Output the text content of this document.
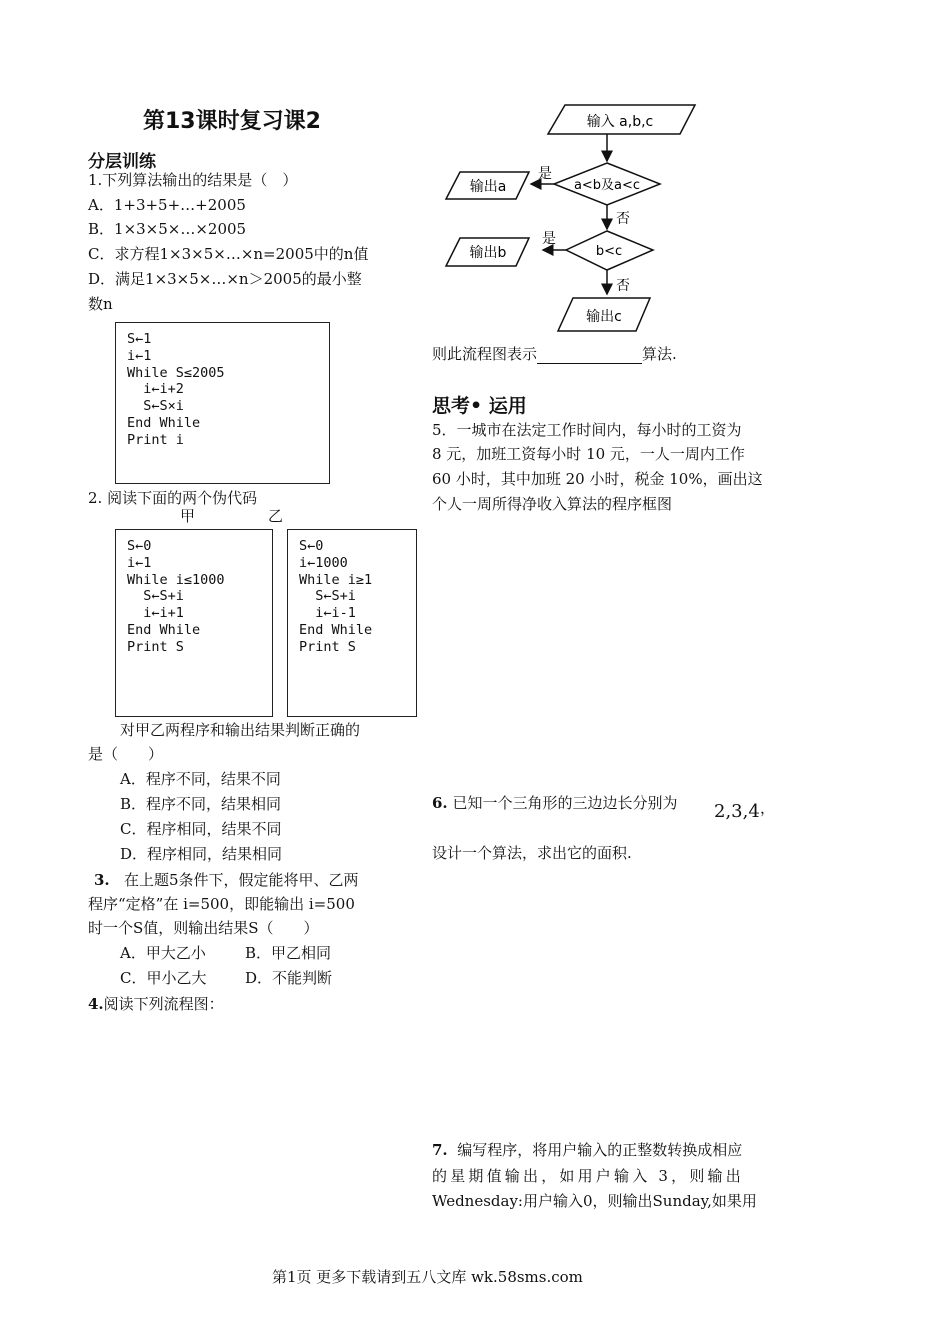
第13课时复习课2
分层训练
1.下列算法输出的结果是（　）
A．1+3+5+…+2005
B．1×3×5×…×2005
C．求方程1×3×5×…×n=2005中的n值
D．满足1×3×5×…×n＞2005的最小整
数n
S←1
i←1
While S≤2005
i←i+2
S←S×i
End While
Print i
2. 阅读下面的两个伪代码
甲	乙
S←0
i←1
While i≤1000
S←S+i
i←i+1
End While
Print S
S←0
i←1000
While i≥1
S←S+i
i←i-1
End While
Print S
对甲乙两程序和输出结果判断正确的
是（　　）
A．程序不同，结果不同
B．程序不同，结果相同
C．程序相同，结果不同
D．程序相同，结果相同
3. 在上题5条件下，假定能将甲、乙两
程序“定格”在 i=500，即能输出 i=500
时一个S值，则输出结果S（　　）
A．甲大乙小	B．甲乙相同
C．甲小乙大	D．不能判断
4.阅读下列流程图：
输入 a,b,c
a<b及a<c
是
输出a
否
b<c
是
输出b
否
输出c
则此流程图表示	算法.
思考• 运用
5．一城市在法定工作时间内，每小时的工资为
8 元，加班工资每小时 10 元，一人一周内工作
60 小时，其中加班 20 小时，税金 10%，画出这
个人一周所得净收入算法的程序框图
6. 已知一个三角形的三边边长分别为 2,3,4 ，
设计一个算法，求出它的面积.
7. 编写程序，将用户输入的正整数转换成相应
的星期值输出，如用户输入 3，则输出
Wednesday:用户输入0，则输出Sunday,如果用
第1页 更多下载请到五八文库 wk.58sms.com
